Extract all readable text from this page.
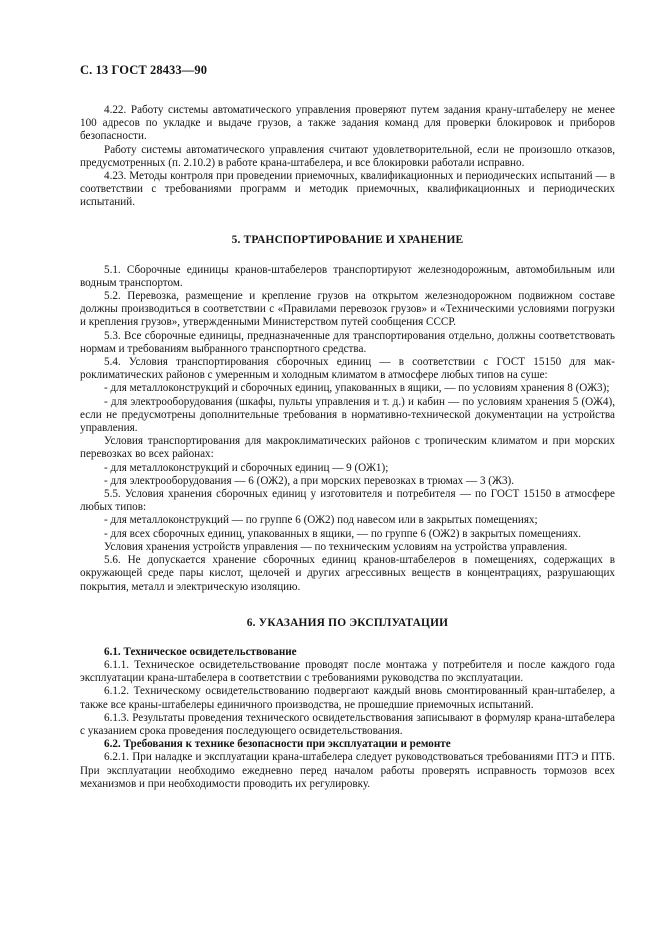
С. 13 ГОСТ 28433—90

4.22. Работу системы автоматического управления проверяют путем задания крану-штабелеру не менее 100 адресов по укладке и выдаче грузов, а также задания команд для проверки блокировок и приборов безопасности.

Работу системы автоматического управления считают удовлетворительной, если не произошло отказов, предусмотренных (п. 2.10.2) в работе крана-штабелера, и все блокировки работали исправно.

4.23. Методы контроля при проведении приемочных, квалификационных и периодических испытаний — в соответствии с требованиями программ и методик приемочных, квалификационных и периодических испытаний.

5. ТРАНСПОРТИРОВАНИЕ И ХРАНЕНИЕ

5.1. Сборочные единицы кранов-штабелеров транспортируют железнодорожным, автомобильным или водным транспортом.

5.2. Перевозка, размещение и крепление грузов на открытом железнодорожном подвижном составе должны производиться в соответствии с «Правилами перевозок грузов» и «Техническими условиями погрузки и крепления грузов», утвержденными Министерством путей сообщения СССР.

5.3. Все сборочные единицы, предназначенные для транспортирования отдельно, должны соответствовать нормам и требованиям выбранного транспортного средства.

5.4. Условия транспортирования сборочных единиц — в соответствии с ГОСТ 15150 для макроклиматических районов с умеренным и холодным климатом в атмосфере любых типов на суше:

- для металлоконструкций и сборочных единиц, упакованных в ящики, — по условиям хранения 8 (ОЖ3);

- для электрооборудования (шкафы, пульты управления и т. д.) и кабин — по условиям хранения 5 (ОЖ4), если не предусмотрены дополнительные требования в нормативно-технической документации на устройства управления.

Условия транспортирования для макроклиматических районов с тропическим климатом и при морских перевозках во всех районах:

- для металлоконструкций и сборочных единиц — 9 (ОЖ1);

- для электрооборудования — 6 (ОЖ2), а при морских перевозках в трюмах — 3 (Ж3).

5.5. Условия хранения сборочных единиц у изготовителя и потребителя — по ГОСТ 15150 в атмосфере любых типов:

- для металлоконструкций — по группе 6 (ОЖ2) под навесом или в закрытых помещениях;

- для всех сборочных единиц, упакованных в ящики, — по группе 6 (ОЖ2) в закрытых помещениях.

Условия хранения устройств управления — по техническим условиям на устройства управления.

5.6. Не допускается хранение сборочных единиц кранов-штабелеров в помещениях, содержащих в окружающей среде пары кислот, щелочей и других агрессивных веществ в концентрациях, разрушающих покрытия, металл и электрическую изоляцию.

6. УКАЗАНИЯ ПО ЭКСПЛУАТАЦИИ

6.1. Техническое освидетельствование

6.1.1. Техническое освидетельствование проводят после монтажа у потребителя и после каждого года эксплуатации крана-штабелера в соответствии с требованиями руководства по эксплуатации.

6.1.2. Техническому освидетельствованию подвергают каждый вновь смонтированный кран-штабелер, а также все краны-штабелеры единичного производства, не прошедшие приемочных испытаний.

6.1.3. Результаты проведения технического освидетельствования записывают в формуляр крана-штабелера с указанием срока проведения последующего освидетельствования.

6.2. Требования к технике безопасности при эксплуатации и ремонте

6.2.1. При наладке и эксплуатации крана-штабелера следует руководствоваться требованиями ПТЭ и ПТБ. При эксплуатации необходимо ежедневно перед началом работы проверять исправность тормозов всех механизмов и при необходимости проводить их регулировку.
